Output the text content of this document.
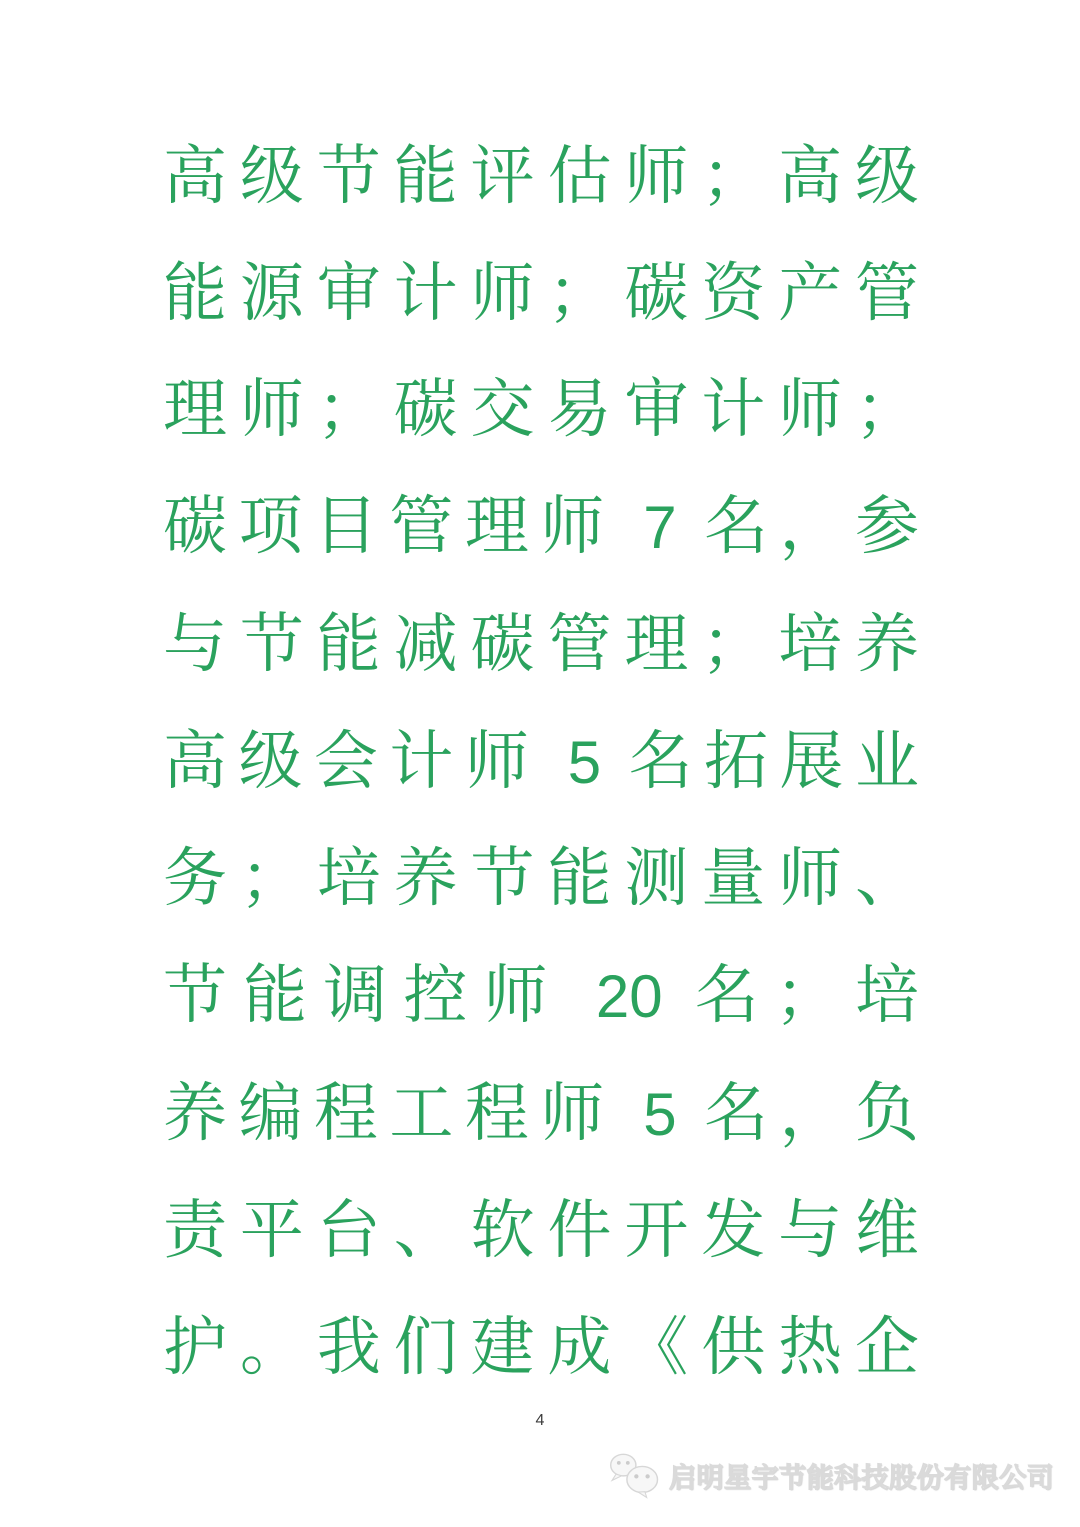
高级节能评估师；高级

能源审计师；碳资产管

理师；碳交易审计师；

碳项目管理师 7 名，参

与节能减碳管理；培养

高级会计师 5 名拓展业

务；培养节能测量师、

节能调控师 20 名；培

养编程工程师 5 名，负

责平台、软件开发与维

护。我们建成《供热企

4
启明星宇节能科技股份有限公司
